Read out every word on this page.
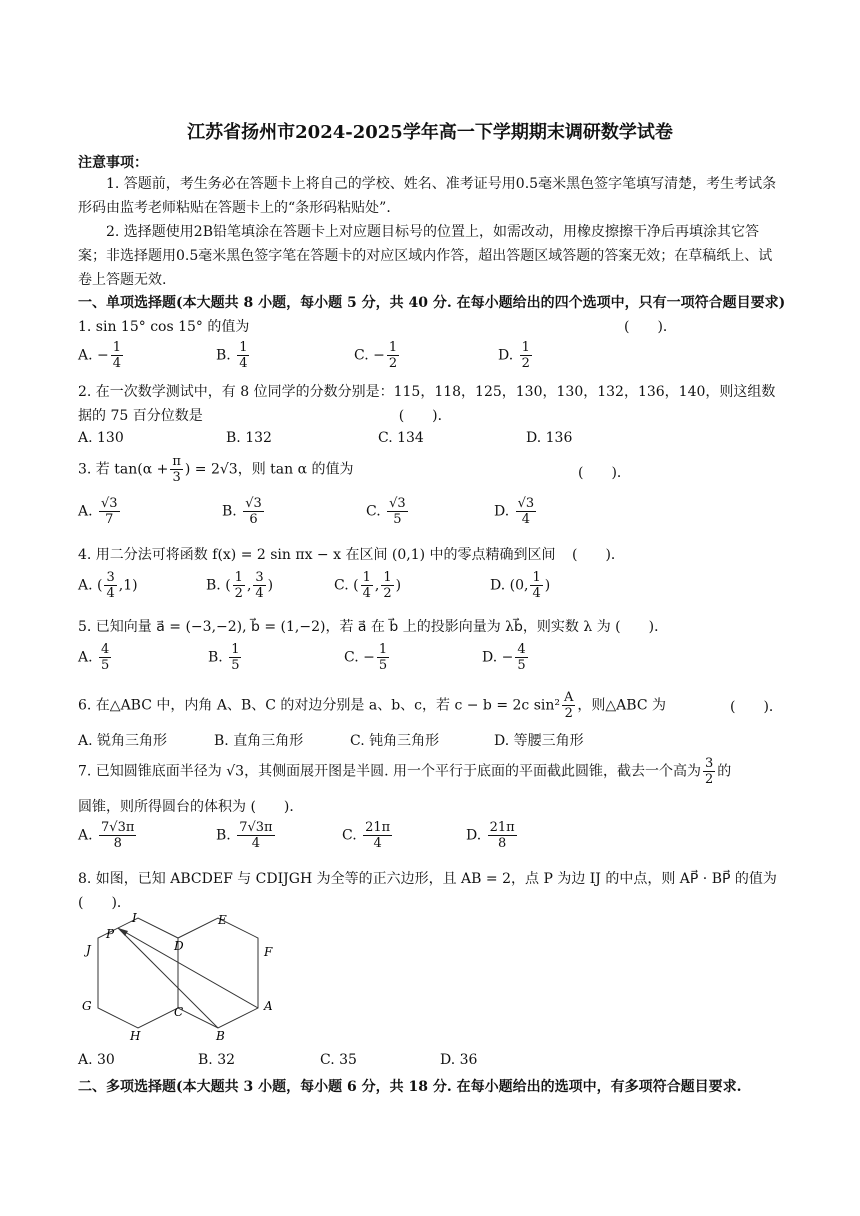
江苏省扬州市2024-2025学年高一下学期期末调研数学试卷
注意事项：
1. 答题前，考生务必在答题卡上将自己的学校、姓名、准考证号用0.5毫米黑色签字笔填写清楚，考生考试条形码由监考老师粘贴在答题卡上的“条形码粘贴处”．
2. 选择题使用2B铅笔填涂在答题卡上对应题目标号的位置上，如需改动，用橡皮擦擦干净后再填涂其它答案；非选择题用0.5毫米黑色签字笔在答题卡的对应区域内作答，超出答题区域答题的答案无效；在草稿纸上、试卷上答题无效.
一、单项选择题(本大题共 8 小题，每小题 5 分，共 40 分. 在每小题给出的四个选项中，只有一项符合题目要求)
1. sin 15° cos 15° 的值为	(　　)．
A. − $\frac{1}{4}$	B. $\frac{1}{4}$	C. − $\frac{1}{2}$	D. $\frac{1}{2}$
2. 在一次数学测试中，有 8 位同学的分数分别是：115，118，125，130，130，132，136，140，则这组数据的 75 百分位数是　　　　　　　　　　　　　　(　　)．
A. 130	B. 132	C. 134	D. 136
3. 若 $\tan(\alpha + \frac{\pi}{3}$ ) = 2√3，则 tan α 的值为	(　　)．
A. $\frac{√3}{7}$	B. $\frac{√3}{6}$	C. $\frac{√3}{5}$	D. $\frac{√3}{4}$
4. 用二分法可将函数 f(x) = 2 sin πx − x 在区间 (0,1) 中的零点精确到区间 (　　)．
A. ( $\frac{3}{4} ,1$)	B. ( $\frac{1}{2}$ , $\frac{3}{4}$ )	C. ( $\frac{1}{4}$ , $\frac{1}{2}$ )	D. (0, $\frac{1}{4}$ )
5. 已知向量 a⃗ = (−3,−2), b⃗ = (1,−2)，若 a⃗ 在 b⃗ 上的投影向量为 λb⃗，则实数 λ 为 (　　)．
A. $\frac{4}{5}$	B. $\frac{1}{5}$	C. − $\frac{1}{5}$	D. − $\frac{4}{5}$
6. 在△ABC 中，内角 A、B、C 的对边分别是 a、b、c，若 c − b = 2c $\sin^2 \frac{A}{2}$ ，则△ABC 为	(　　)．
A. 锐角三角形	B. 直角三角形	C. 钝角三角形	D. 等腰三角形
7. 已知圆锥底面半径为 √3，其侧面展开图是半圆. 用一个平行于底面的平面截此圆锥，截去一个高为 $\frac{3}{2}$ 的
圆锥，则所得圆台的体积为 (　　)．
A. $\frac{7√3\pi}{8}$	B. $\frac{7√3\pi}{4}$	C. $\frac{21\pi}{4}$	D. $\frac{21\pi}{8}$
8. 如图，已知 ABCDEF 与 CDIJGH 为全等的正六边形，且 AB = 2，点 P 为边 IJ 的中点，则 AP⃗ · BP⃗ 的值为
(　　)．
I	E
P
J	D	F
G	C	A
H	B
A. 30	B. 32	C. 35	D. 36
二、多项选择题(本大题共 3 小题，每小题 6 分，共 18 分. 在每小题给出的选项中，有多项符合题目要求.
